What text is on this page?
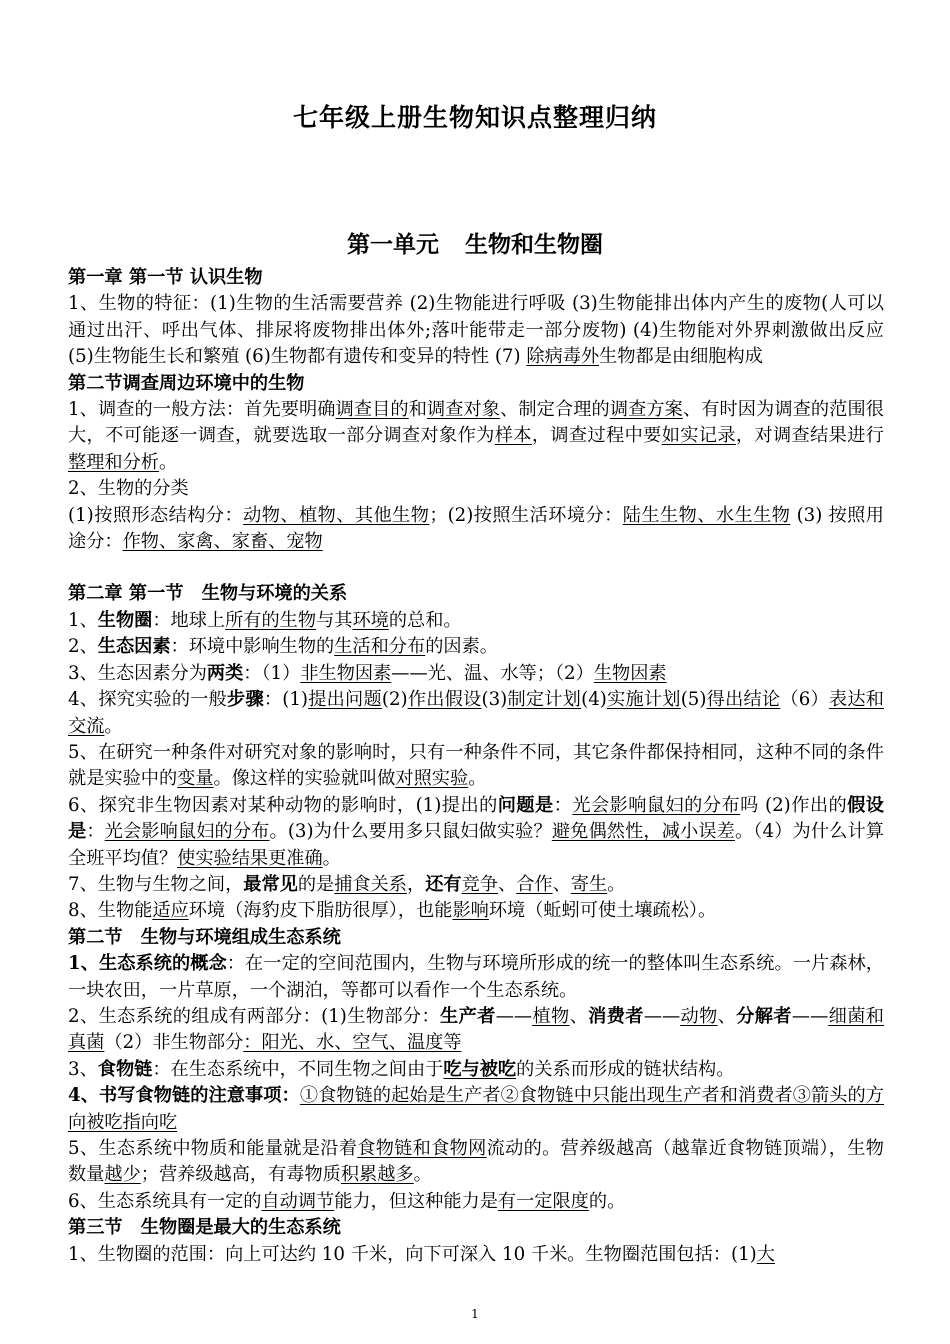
七年级上册生物知识点整理归纳
第一单元 生物和生物圈
第一章 第一节 认识生物
1、生物的特征：(1)生物的生活需要营养 (2)生物能进行呼吸 (3)生物能排出体内产生的废物(人可以通过出汗、呼出气体、排尿将废物排出体外;落叶能带走一部分废物) (4)生物能对外界刺激做出反应 (5)生物能生长和繁殖 (6)生物都有遗传和变异的特性 (7) 除病毒外生物都是由细胞构成
第二节调查周边环境中的生物
1、调查的一般方法：首先要明确调查目的和调查对象、制定合理的调查方案、有时因为调查的范围很大，不可能逐一调查，就要选取一部分调查对象作为样本，调查过程中要如实记录，对调查结果进行整理和分析。
2、生物的分类
(1)按照形态结构分：动物、植物、其他生物；(2)按照生活环境分：陆生生物、水生生物 (3) 按照用途分：作物、家禽、家畜、宠物
第二章 第一节　生物与环境的关系
1、生物圈：地球上所有的生物与其环境的总和。
2、生态因素：环境中影响生物的生活和分布的因素。
3、生态因素分为两类：（1）非生物因素——光、温、水等；（2）生物因素
4、探究实验的一般步骤：(1)提出问题(2)作出假设(3)制定计划(4)实施计划(5)得出结论（6）表达和交流。
5、在研究一种条件对研究对象的影响时，只有一种条件不同，其它条件都保持相同，这种不同的条件就是实验中的变量。像这样的实验就叫做对照实验。
6、探究非生物因素对某种动物的影响时，(1)提出的问题是：光会影响鼠妇的分布吗 (2)作出的假设是：光会影响鼠妇的分布。(3)为什么要用多只鼠妇做实验？避免偶然性，减小误差。（4）为什么计算全班平均值？使实验结果更准确。
7、生物与生物之间，最常见的是捕食关系，还有竞争、合作、寄生。
8、生物能适应环境（海豹皮下脂肪很厚），也能影响环境（蚯蚓可使土壤疏松）。
第二节　生物与环境组成生态系统
1、生态系统的概念：在一定的空间范围内，生物与环境所形成的统一的整体叫生态系统。一片森林，一块农田，一片草原，一个湖泊，等都可以看作一个生态系统。
2、生态系统的组成有两部分：(1)生物部分：生产者——植物、消费者——动物、分解者——细菌和真菌（2）非生物部分：阳光、水、空气、温度等
3、食物链：在生态系统中，不同生物之间由于吃与被吃的关系而形成的链状结构。
4、书写食物链的注意事项：①食物链的起始是生产者②食物链中只能出现生产者和消费者③箭头的方向被吃指向吃
5、生态系统中物质和能量就是沿着食物链和食物网流动的。营养级越高（越靠近食物链顶端），生物数量越少；营养级越高，有毒物质积累越多。
6、生态系统具有一定的自动调节能力，但这种能力是有一定限度的。
第三节　生物圈是最大的生态系统
1、生物圈的范围：向上可达约 10 千米，向下可深入 10 千米。生物圈范围包括：(1)大
1
